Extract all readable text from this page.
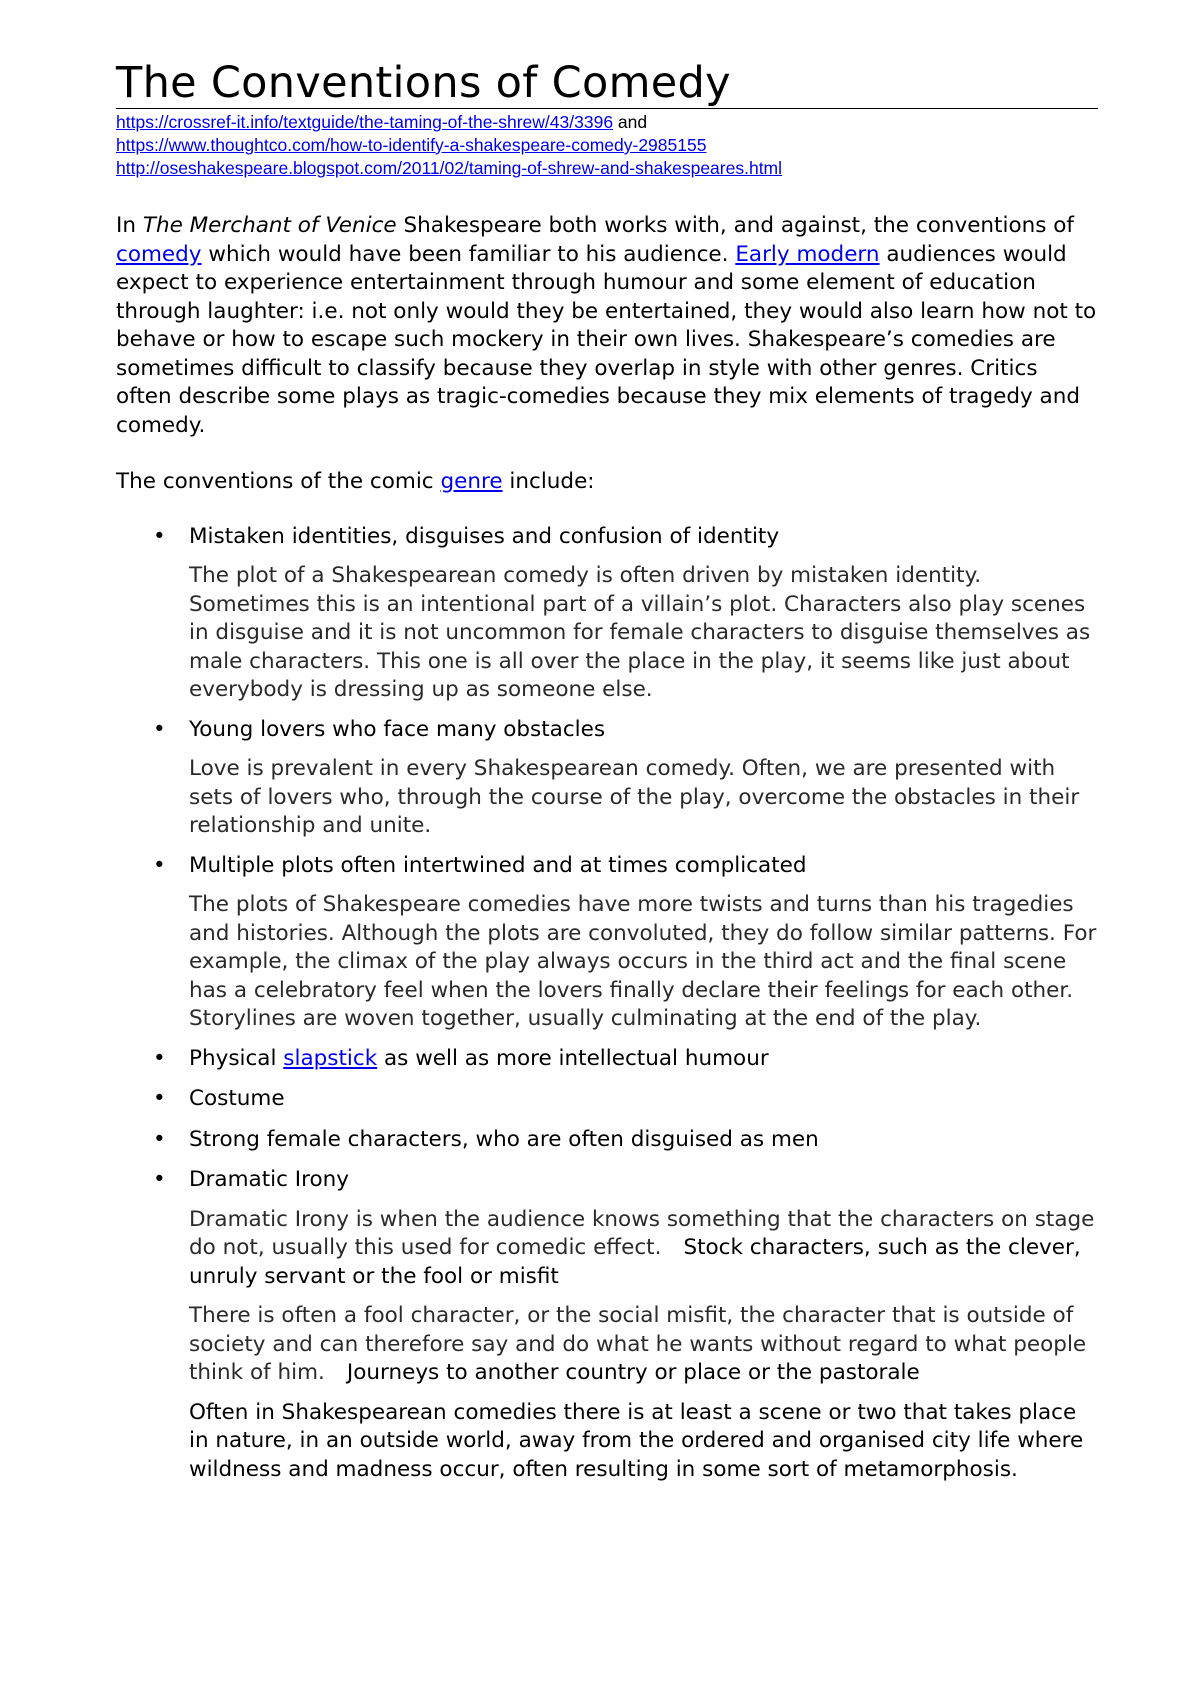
The Conventions of Comedy
https://crossref-it.info/textguide/the-taming-of-the-shrew/43/3396 and
https://www.thoughtco.com/how-to-identify-a-shakespeare-comedy-2985155
http://oseshakespeare.blogspot.com/2011/02/taming-of-shrew-and-shakespeares.html

In The Merchant of Venice Shakespeare both works with, and against, the conventions of comedy which would have been familiar to his audience. Early modern audiences would expect to experience entertainment through humour and some element of education through laughter: i.e. not only would they be entertained, they would also learn how not to behave or how to escape such mockery in their own lives. Shakespeare’s comedies are sometimes difficult to classify because they overlap in style with other genres. Critics often describe some plays as tragic-comedies because they mix elements of tragedy and comedy.

The conventions of the comic genre include:

• Mistaken identities, disguises and confusion of identity

The plot of a Shakespearean comedy is often driven by mistaken identity. Sometimes this is an intentional part of a villain’s plot. Characters also play scenes in disguise and it is not uncommon for female characters to disguise themselves as male characters. This one is all over the place in the play, it seems like just about everybody is dressing up as someone else.

• Young lovers who face many obstacles

Love is prevalent in every Shakespearean comedy. Often, we are presented with sets of lovers who, through the course of the play, overcome the obstacles in their relationship and unite.

• Multiple plots often intertwined and at times complicated

The plots of Shakespeare comedies have more twists and turns than his tragedies and histories. Although the plots are convoluted, they do follow similar patterns. For example, the climax of the play always occurs in the third act and the final scene has a celebratory feel when the lovers finally declare their feelings for each other. Storylines are woven together, usually culminating at the end of the play.

• Physical slapstick as well as more intellectual humour

• Costume

• Strong female characters, who are often disguised as men

• Dramatic Irony

Dramatic Irony is when the audience knows something that the characters on stage do not, usually this used for comedic effect. Stock characters, such as the clever, unruly servant or the fool or misfit

There is often a fool character, or the social misfit, the character that is outside of society and can therefore say and do what he wants without regard to what people think of him. Journeys to another country or place or the pastorale

Often in Shakespearean comedies there is at least a scene or two that takes place in nature, in an outside world, away from the ordered and organised city life where wildness and madness occur, often resulting in some sort of metamorphosis.
